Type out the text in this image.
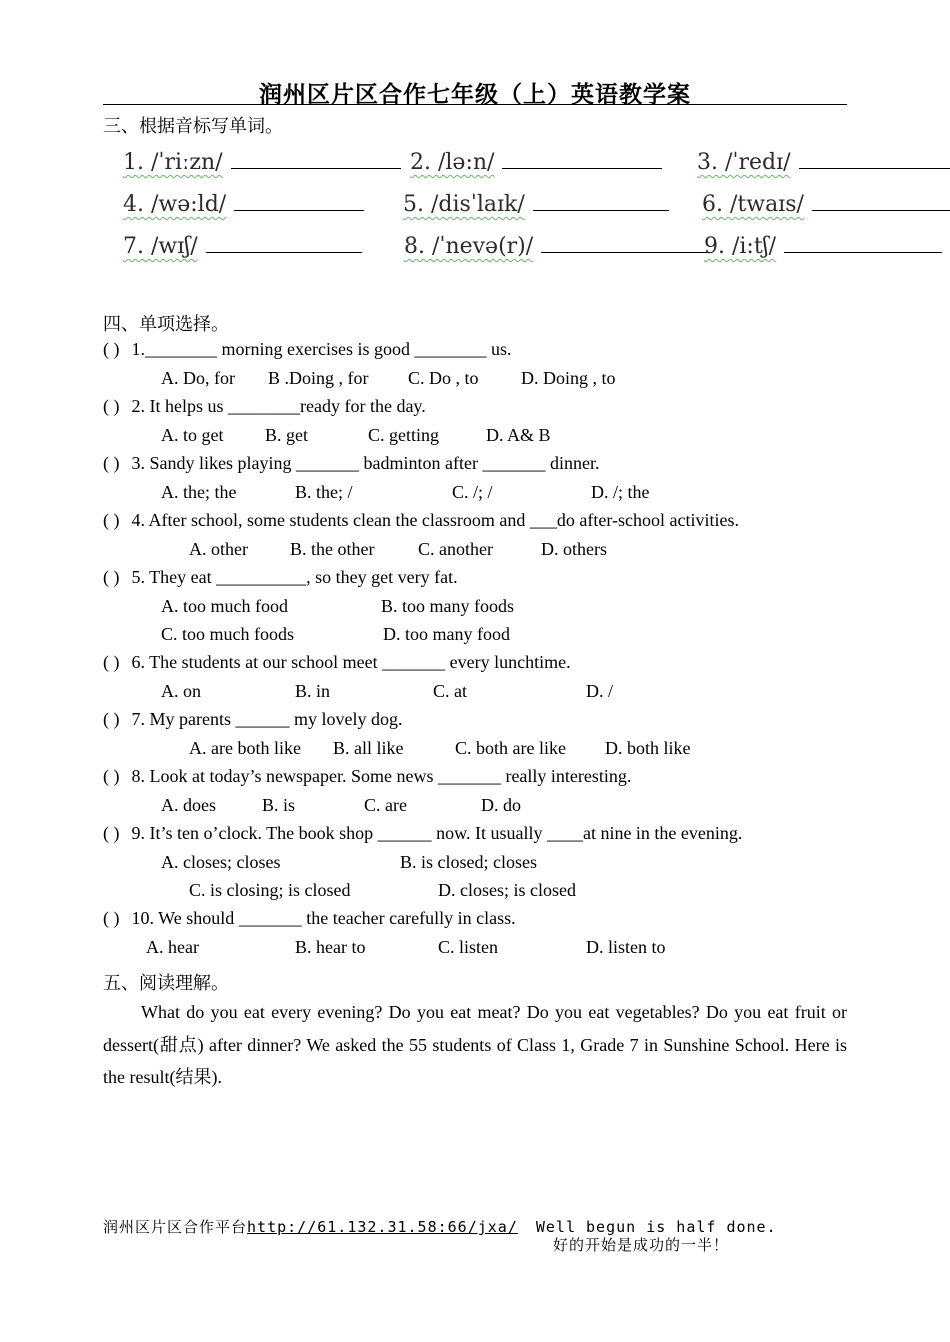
润州区片区合作七年级（上）英语教学案
三、根据音标写单词。
1. /ˈriːzn/	2. /lə:n/	3. /ˈredɪ/
4. /wə:ld/	5. /disˈlaɪk/	6. /twaɪs/
7. /wɪʃ/	8. /ˈnevə(r)/	9. /i:tʃ/
四、单项选择。
( ) 1.________ morning exercises is good ________ us.
A. Do, for B .Doing , for C. Do , to D. Doing , to
( ) 2. It helps us ________ready for the day.
A. to get B. get	C. getting	D. A& B
( ) 3. Sandy likes playing _______ badminton after _______ dinner.
A. the; the	B. the; /	C. /; /	D. /; the
( ) 4. After school, some students clean the classroom and ___do after-school activities.
A. other B. the other C. another	D. others
( ) 5. They eat __________, so they get very fat.
A. too much food	B. too many foods
C. too much foods	D. too many food
( ) 6. The students at our school meet _______ every lunchtime.
A. on	B. in	C. at	D. /
( ) 7. My parents ______ my lovely dog.
A. are both like B. all like	C. both are like D. both like
( ) 8. Look at today’s newspaper. Some news _______ really interesting.
A. does	B. is	C. are	D. do
( ) 9. It’s ten o’clock. The book shop ______ now. It usually ____at nine in the evening.
A. closes; closes	B. is closed; closes
C. is closing; is closed	D. closes; is closed
( ) 10. We should _______ the teacher carefully in class.
A. hear	B. hear to	C. listen	D. listen to
五、阅读理解。
What do you eat every evening? Do you eat meat? Do you eat vegetables? Do you eat fruit or dessert(甜点) after dinner? We asked the 55 students of Class 1, Grade 7 in Sunshine School. Here is the result(结果).
润州区片区合作平台http://61.132.31.58:66/jxa/ Well begun is half done.
好的开始是成功的一半！
